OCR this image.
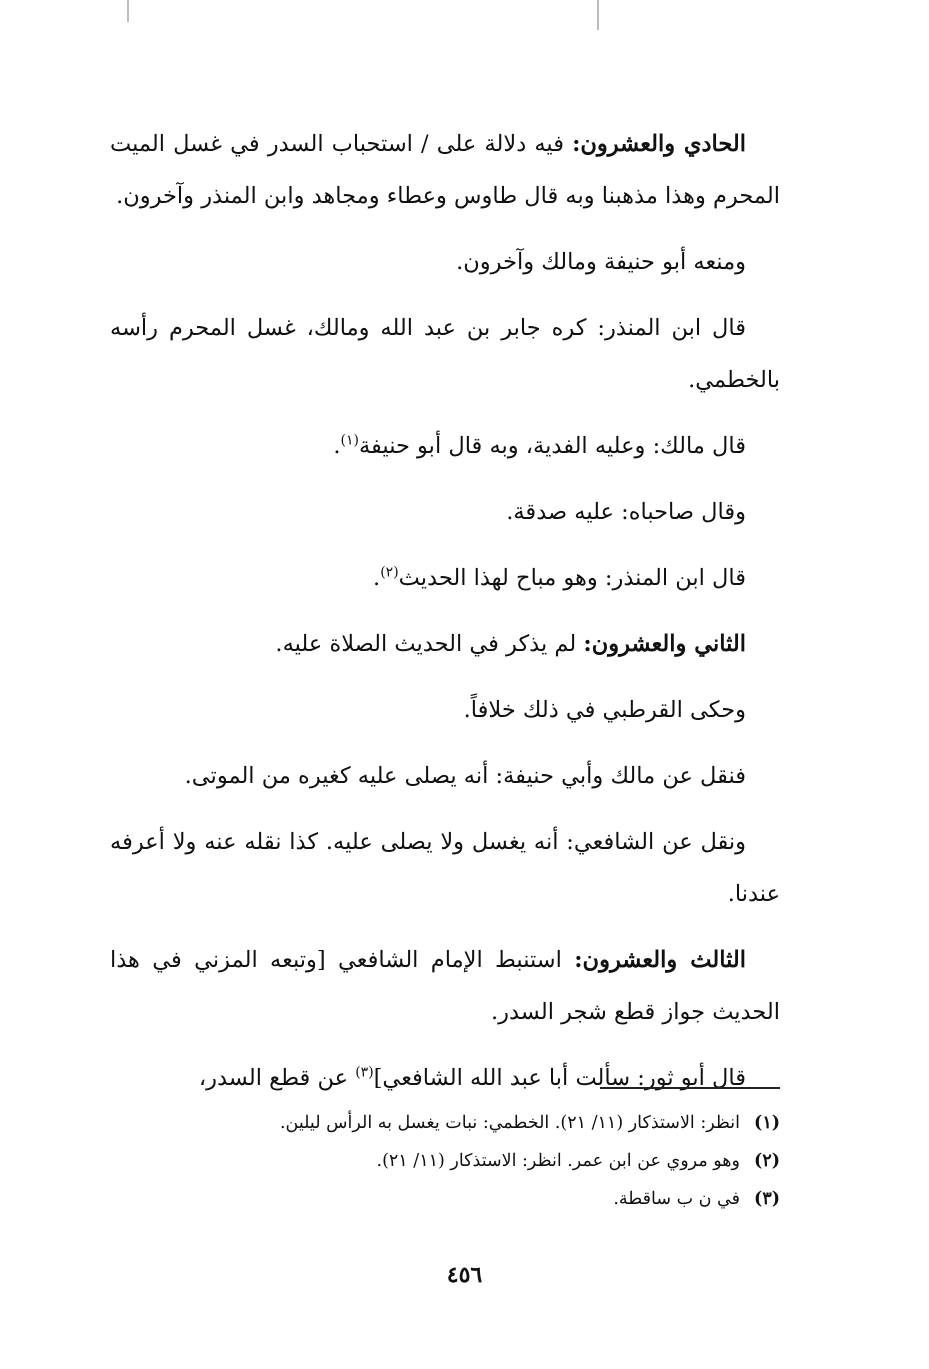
الحادي والعشرون: فيه دلالة على / استحباب السدر في غسل الميت المحرم وهذا مذهبنا وبه قال طاوس وعطاء ومجاهد وابن المنذر وآخرون.

ومنعه أبو حنيفة ومالك وآخرون.

قال ابن المنذر: كره جابر بن عبد الله ومالك، غسل المحرم رأسه بالخطمي.

قال مالك: وعليه الفدية، وبه قال أبو حنيفة$^{(١)}$.

وقال صاحباه: عليه صدقة.

قال ابن المنذر: وهو مباح لهذا الحديث$^{(٢)}$.

الثاني والعشرون: لم يذكر في الحديث الصلاة عليه.

وحكى القرطبي في ذلك خلافاً.

فنقل عن مالك وأبي حنيفة: أنه يصلى عليه كغيره من الموتى.

ونقل عن الشافعي: أنه يغسل ولا يصلى عليه. كذا نقله عنه ولا أعرفه عندنا.

الثالث والعشرون: استنبط الإمام الشافعي [وتبعه المزني في هذا الحديث جواز قطع شجر السدر.

قال أبو ثور: سألت أبا عبد الله الشافعي]$^{(٣)}$ عن قطع السدر،

(١)
انظر: الاستذكار (١١/ ٢١). الخطمي: نبات يغسل به الرأس ليلين.
(٢)
وهو مروي عن ابن عمر. انظر: الاستذكار (١١/ ٢١).
(٣)
في ن ب ساقطة.
٤٥٦
